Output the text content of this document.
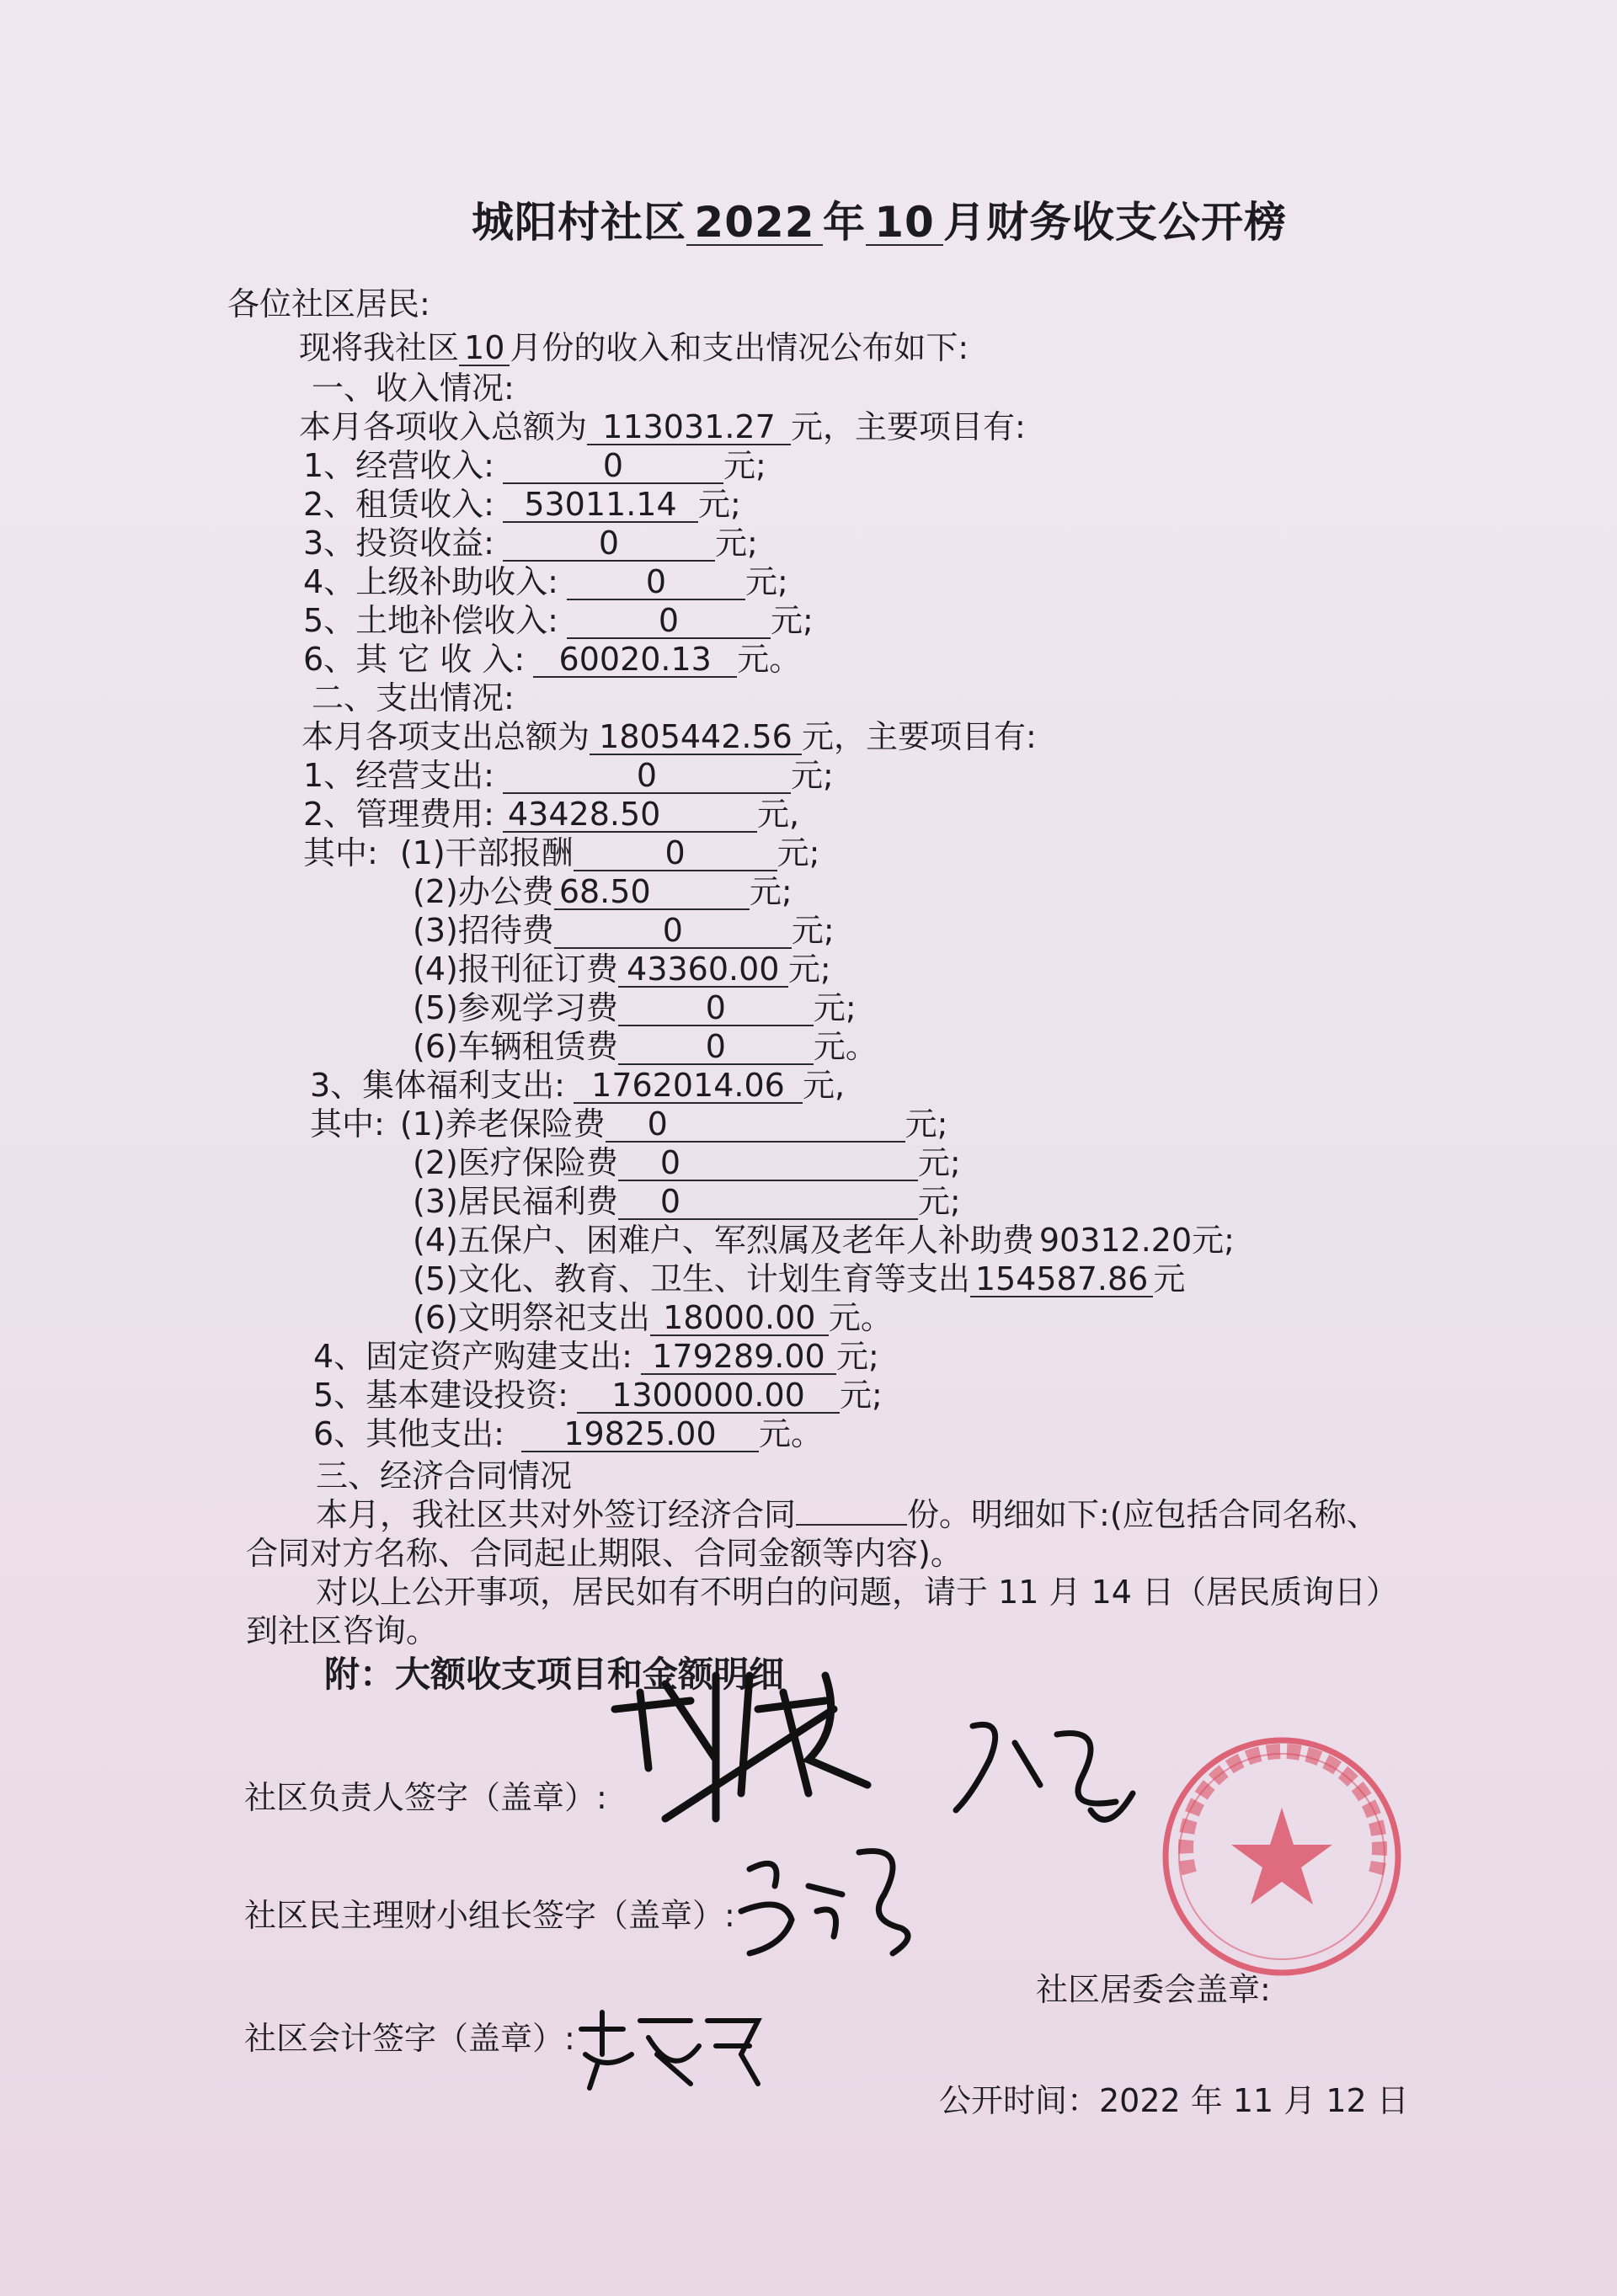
城阳村社区 2022 年 10 月财务收支公开榜
各位社区居民:
现将我社区 10 月份的收入和支出情况公布如下:
一、收入情况:
本月各项收入总额为 113031.27 元，主要项目有:
1、经营收入:	0	元;
2、租赁收入: 53011.14 元;
3、投资收益:	0	元;
4、上级补助收入:	0 元;
5、土地补偿收入:	0	元;
6、其 它 收 入: 60020.13 元。
二、支出情况:
本月各项支出总额为 1805442.56 元，主要项目有:
1、经营支出:	0	元;
2、管理费用: 43428.50	元,
其中: (1)干部报酬	0	元;
(2)办公费 68.50	元;
(3)招待费	0	元;
(4)报刊征订费 43360.00 元;
(5)参观学习费	0	元;
(6)车辆租赁费	0	元。
3、集体福利支出: 1762014.06 元,
其中: (1)养老保险费 0	元;
(2)医疗保险费 0	元;
(3)居民福利费 0	元;
(4)五保户、困难户、军烈属及老年人补助费 90312.20元;
(5)文化、教育、卫生、计划生育等支出 154587.86 元
(6)文明祭祀支出 18000.00 元。
4、固定资产购建支出: 179289.00 元;
5、基本建设投资: 1300000.00 元;
6、其他支出: 19825.00 元。
三、经济合同情况
本月，我社区共对外签订经济合同	份。明细如下:(应包括合同名称、
合同对方名称、合同起止期限、合同金额等内容)。
对以上公开事项，居民如有不明白的问题，请于 11 月 14 日（居民质询日）
到社区咨询。
附：大额收支项目和金额明细
社区负责人签字（盖章）:
社区民主理财小组长签字（盖章）:
社区居委会盖章:
社区会计签字（盖章）:
公开时间：2022 年 11 月 12 日
